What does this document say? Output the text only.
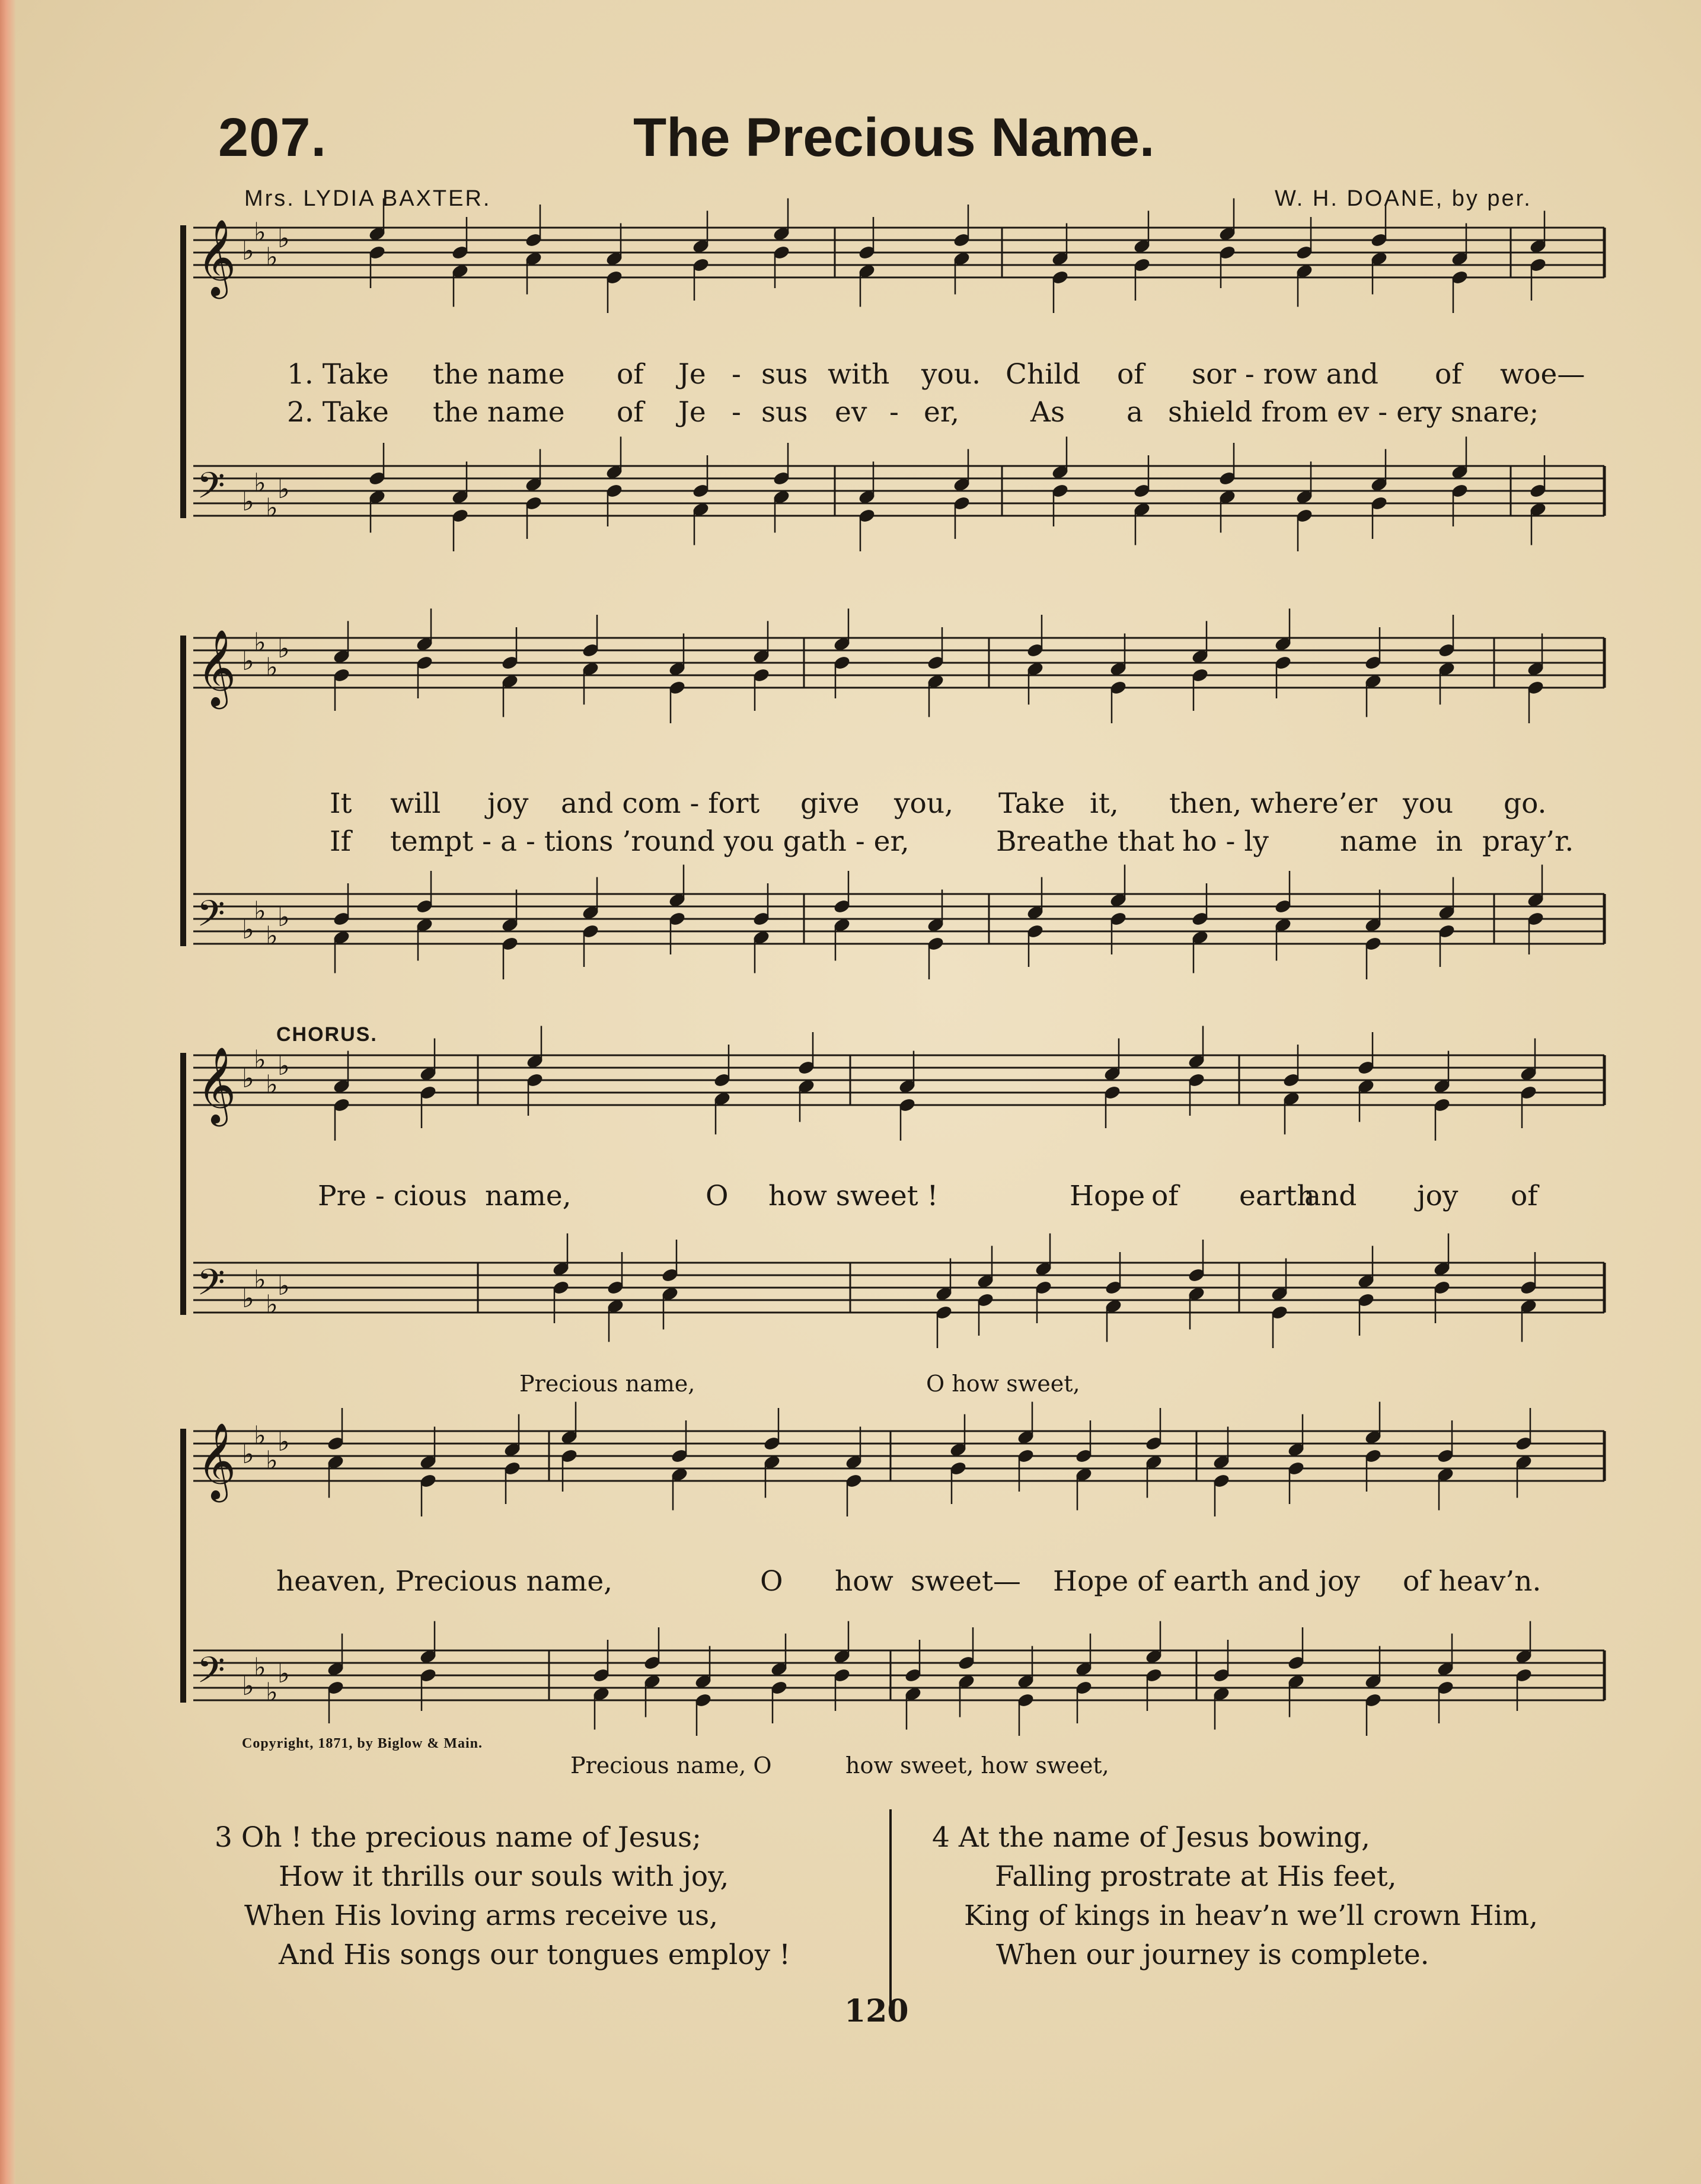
207.	The Precious Name.
Mrs. LYDIA BAXTER.	W. H. DOANE, by per.
𝄞 ♭
♭
♭
♭
𝄢 ♭
♭
♭
♭
𝄞 ♭
♭
♭
♭
𝄢 ♭
♭
♭
♭
𝄞 ♭
♭
♭
♭
𝄢 ♭
♭
♭
♭
𝄞 ♭
♭
♭
♭
𝄢 ♭
♭
♭
♭
1. Take the name of Je - sus with you. Child of sor - row and of woe—
2. Take the name of Je - sus ev - er,	As a shield from ev - ery snare;
It will joy and com - fort give you, Take it, then, where’er you go.
If tempt - a - tions ’round you gath - er,	Breathe that ho - ly	name in pray’r.
CHORUS.
Pre - cious name,	O how sweet !	Hope of earth
and joy of
Precious name,	O how sweet,
heaven, Precious name,	O how sweet— Hope of earth and joy of heav’n.
Precious name, O	how sweet, how sweet,
Copyright, 1871, by Biglow & Main.
3 Oh ! the precious name of Jesus;
How it thrills our souls with joy,
When His loving arms receive us,
And His songs our tongues employ !
4 At the name of Jesus bowing,
Falling prostrate at His feet,
King of kings in heav’n we’ll crown Him,
When our journey is complete.
120
